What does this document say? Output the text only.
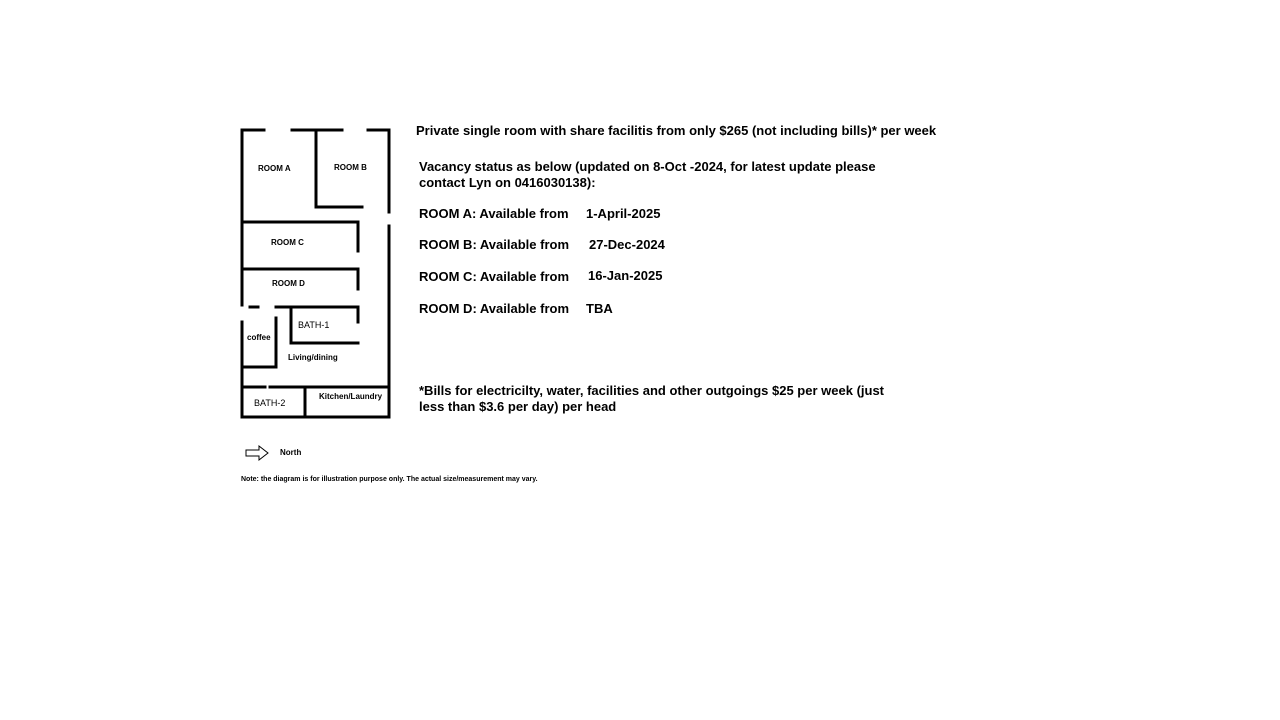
ROOM A	ROOM B
ROOM C
ROOM D
BATH-1
coffee
Living/dining
BATH-2
Kitchen/Laundry
North
Note: the diagram is for illustration purpose only. The actual size/measurement may vary.
Private single room with share facilitis from only $265 (not including bills)* per week
Vacancy status as below (updated on 8-Oct -2024, for latest update please
contact Lyn on 0416030138):
ROOM A: Available from 1-April-2025
ROOM B: Available from 27-Dec-2024
ROOM C: Available from 16-Jan-2025
ROOM D: Available from TBA
*Bills for electricilty, water, facilities and other outgoings $25 per week (just
less than $3.6 per day) per head
